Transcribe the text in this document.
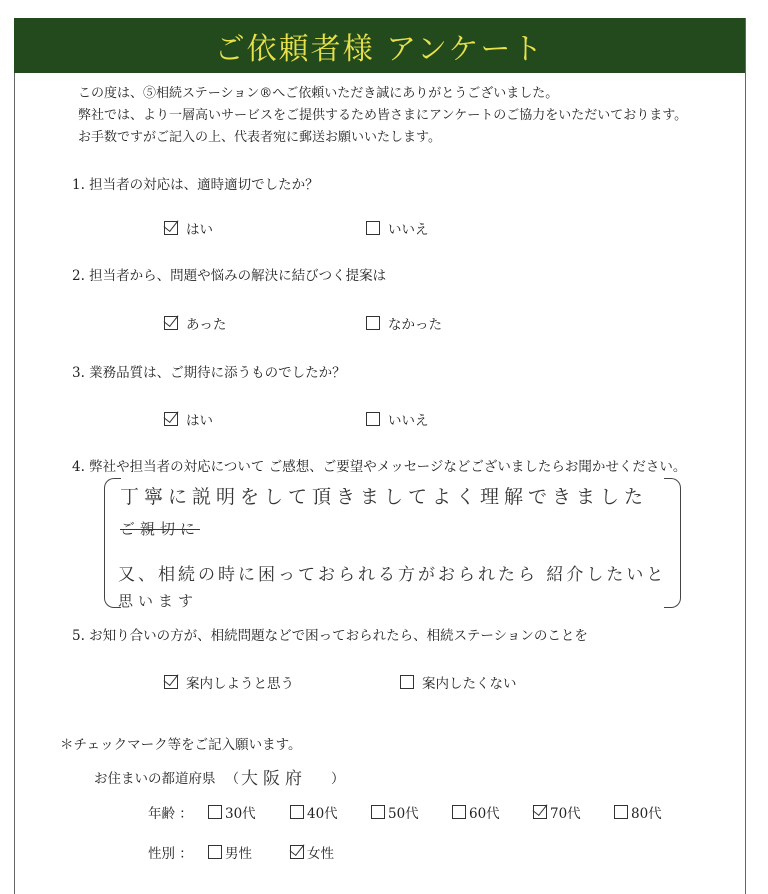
ご依頼者様 アンケート
この度は、⑤相続ステーション®へご依頼いただき誠にありがとうございました。
弊社では、より一層高いサービスをご提供するため皆さまにアンケートのご協力をいただいております。
お手数ですがご記入の上、代表者宛に郵送お願いいたします。
1. 担当者の対応は、適時適切でしたか？
はい	いいえ
2. 担当者から、問題や悩みの解決に結びつく提案は
あった	なかった
3. 業務品質は、ご期待に添うものでしたか？
はい	いいえ
4. 弊社や担当者の対応について ご感想、ご要望やメッセージなどございましたらお聞かせください。
丁寧に説明をして頂きましてよく理解できました
ご親切に
又、相続の時に困っておられる方がおられたら 紹介したいと
思います
5. お知り合いの方が、相続問題などで困っておられたら、相続ステーションのことを
案内しようと思う	案内したくない
＊チェックマーク等をご記入願います。
お住まいの都道府県 （ 大阪府 ）
年齢 ： 30代	40代	50代	60代	70代	80代
性別 ： 男性	女性
